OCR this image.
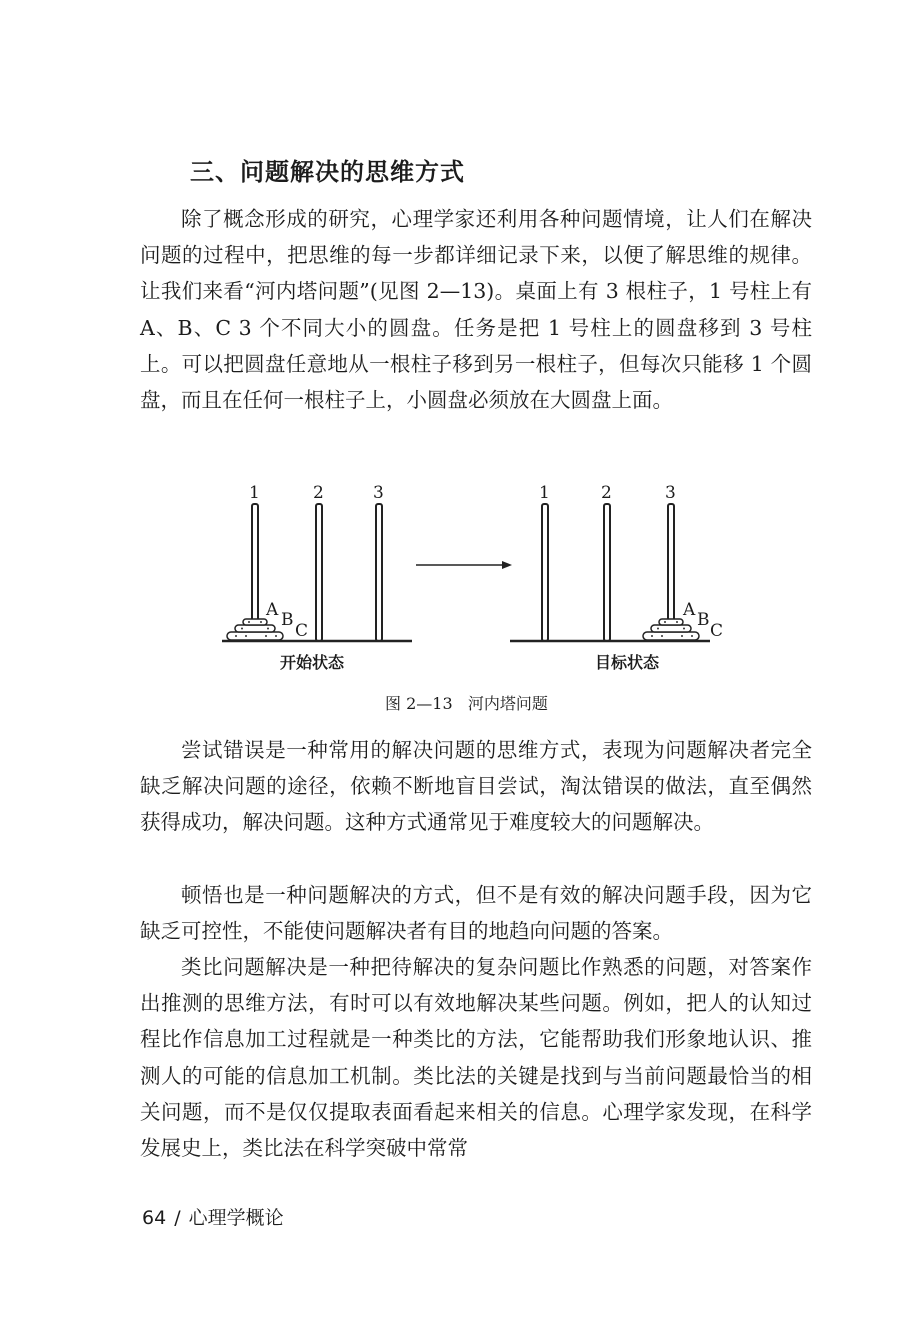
三、问题解决的思维方式

除了概念形成的研究，心理学家还利用各种问题情境，让人们在解决问题的过程中，把思维的每一步都详细记录下来，以便了解思维的规律。让我们来看“河内塔问题”(见图 2—13)。桌面上有 3 根柱子，1 号柱上有 A、B、C 3 个不同大小的圆盘。任务是把 1 号柱上的圆盘移到 3 号柱上。可以把圆盘任意地从一根柱子移到另一根柱子，但每次只能移 1 个圆盘，而且在任何一根柱子上，小圆盘必须放在大圆盘上面。

1	2	3
A B
C
开始状态
1	2	3
A B
C
目标状态

图 2—13   河内塔问题

尝试错误是一种常用的解决问题的思维方式，表现为问题解决者完全缺乏解决问题的途径，依赖不断地盲目尝试，淘汰错误的做法，直至偶然获得成功，解决问题。这种方式通常见于难度较大的问题解决。

顿悟也是一种问题解决的方式，但不是有效的解决问题手段，因为它缺乏可控性，不能使问题解决者有目的地趋向问题的答案。

类比问题解决是一种把待解决的复杂问题比作熟悉的问题，对答案作出推测的思维方法，有时可以有效地解决某些问题。例如，把人的认知过程比作信息加工过程就是一种类比的方法，它能帮助我们形象地认识、推测人的可能的信息加工机制。类比法的关键是找到与当前问题最恰当的相关问题，而不是仅仅提取表面看起来相关的信息。心理学家发现，在科学发展史上，类比法在科学突破中常常

64 / 心理学概论
